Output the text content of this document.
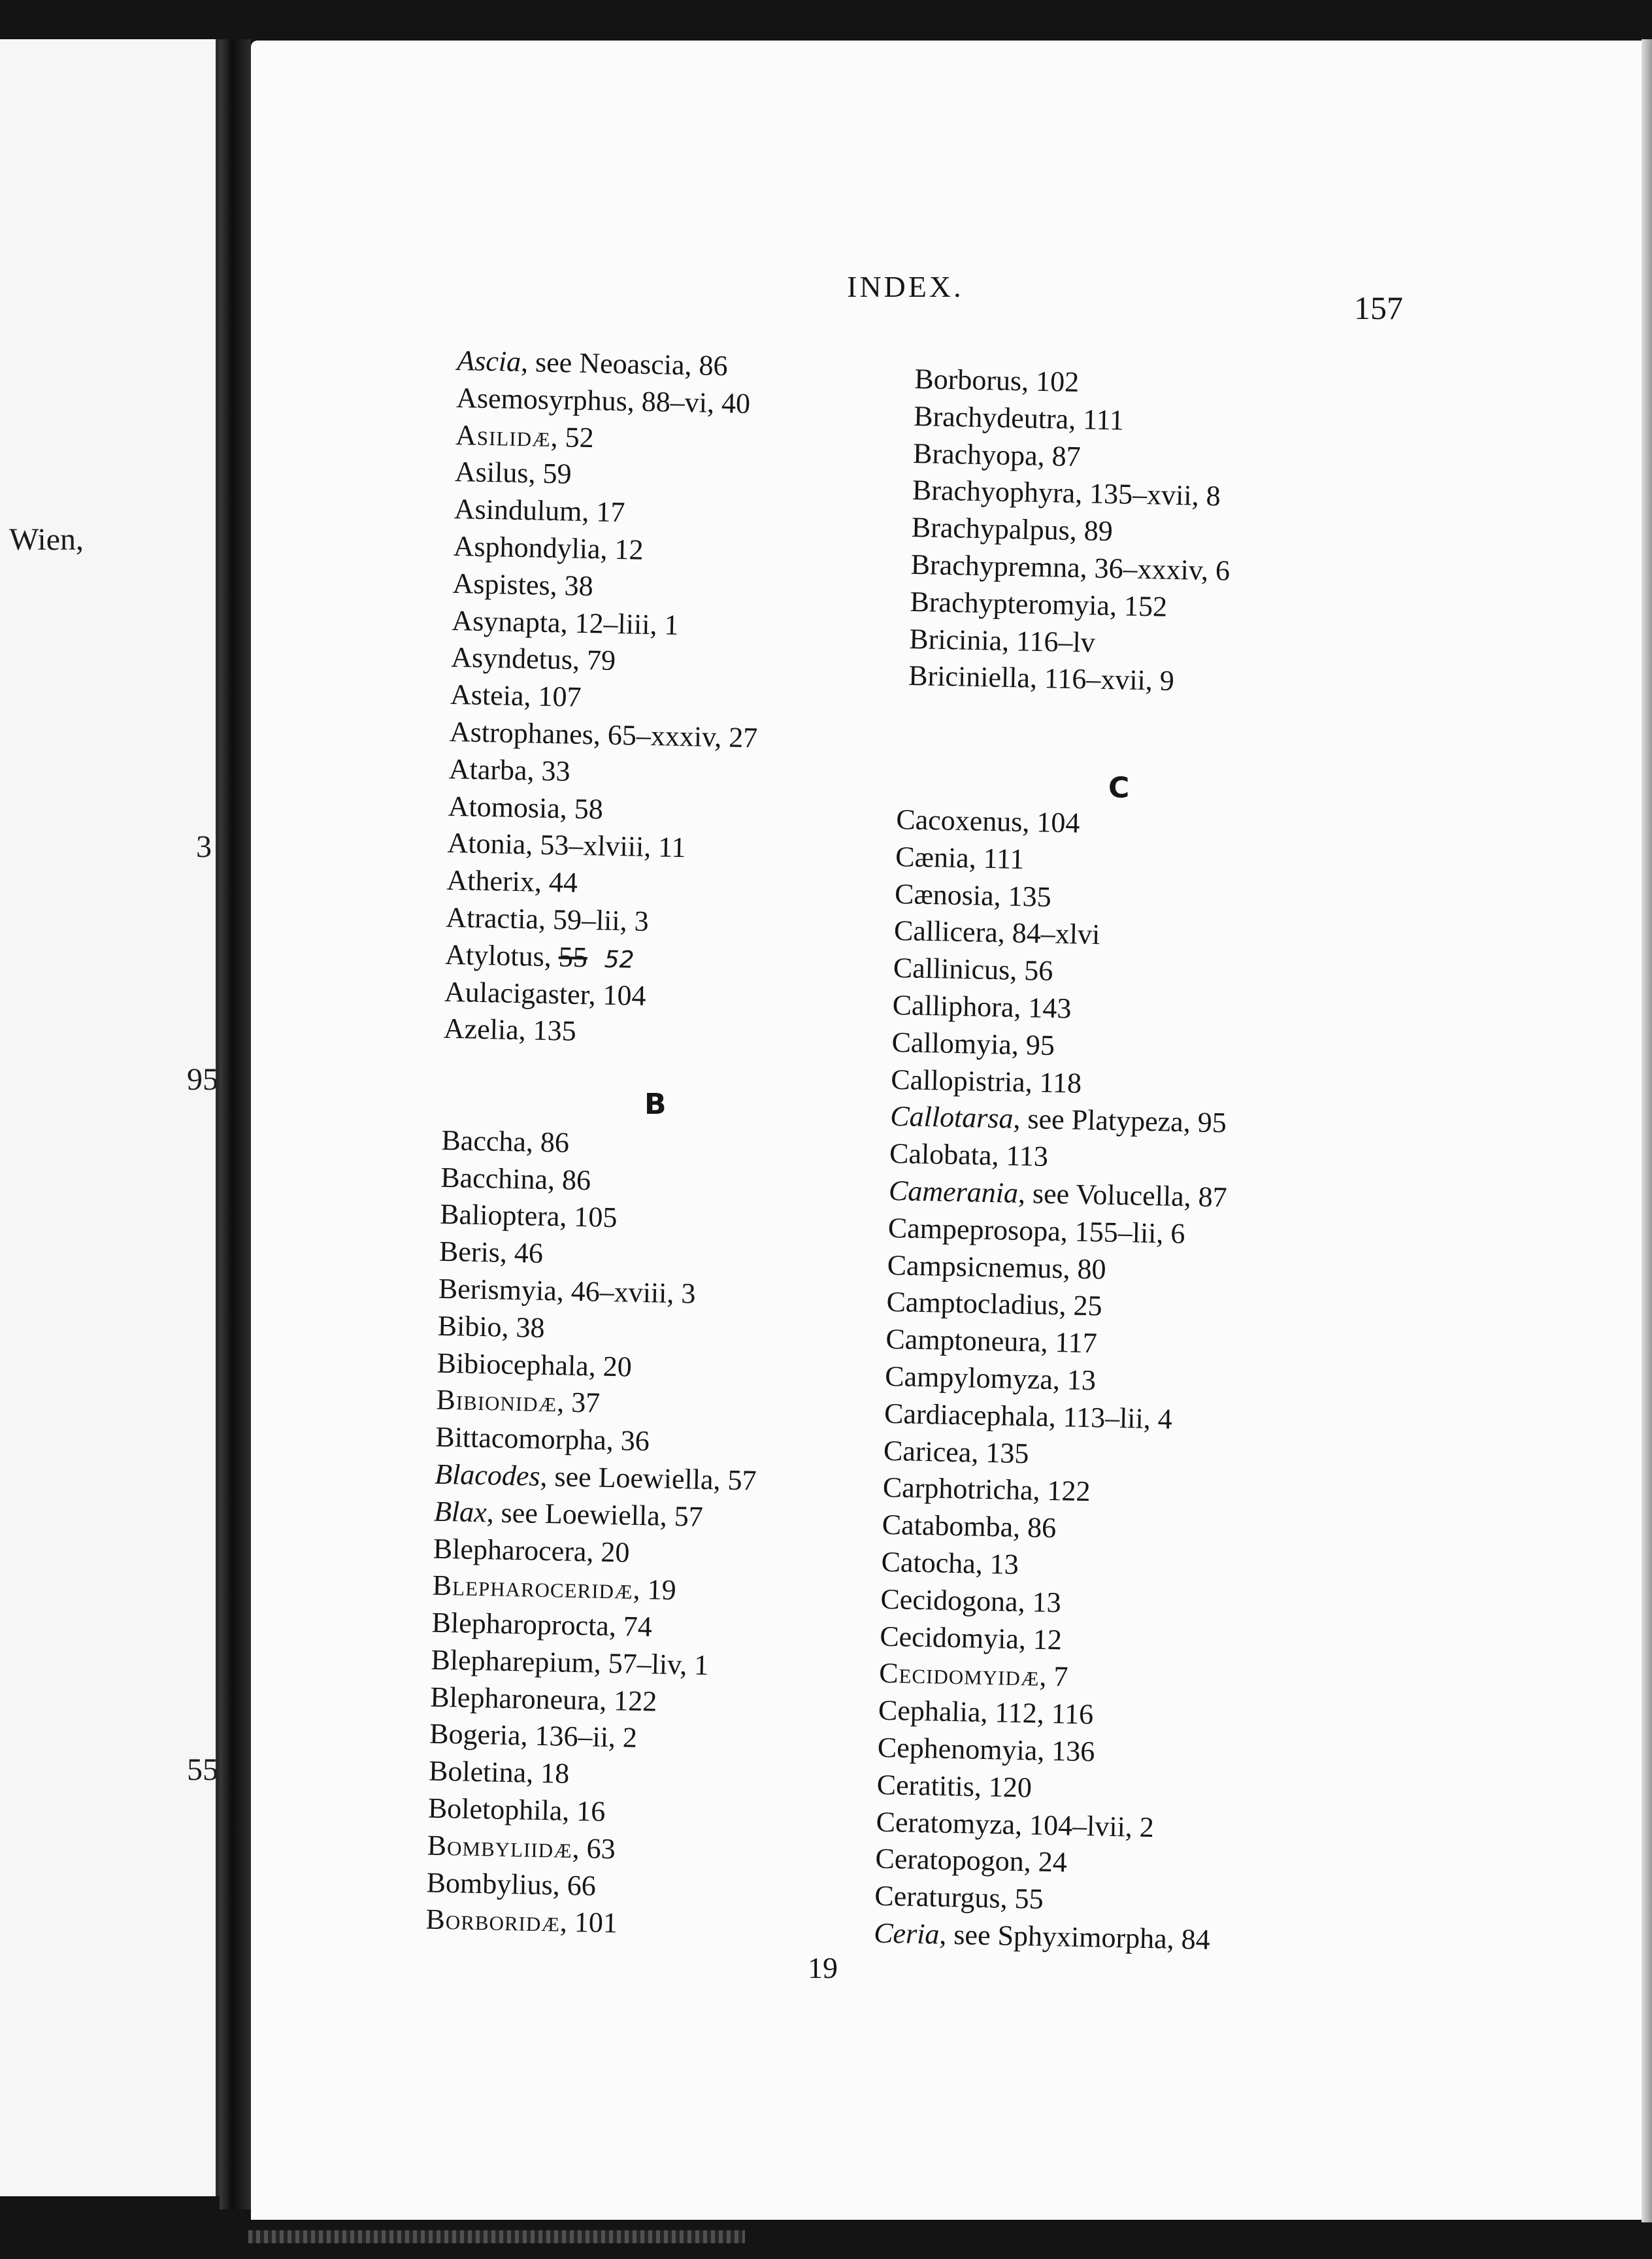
Wien,
3
95
55
INDEX.
157
Ascia, see Neoascia, 86
Asemosyrphus, 88–vi, 40
Asilidæ, 52
Asilus, 59
Asindulum, 17
Asphondylia, 12
Aspistes, 38
Asynapta, 12–liii, 1
Asyndetus, 79
Asteia, 107
Astrophanes, 65–xxxiv, 27
Atarba, 33
Atomosia, 58
Atonia, 53–xlviii, 11
Atherix, 44
Atractia, 59–lii, 3
Atylotus, 55 52
Aulacigaster, 104
Azelia, 135
Baccha, 86
Bacchina, 86
Balioptera, 105
Beris, 46
Berismyia, 46–xviii, 3
Bibio, 38
Bibiocephala, 20
Bibionidæ, 37
Bittacomorpha, 36
Blacodes, see Loewiella, 57
Blax, see Loewiella, 57
Blepharocera, 20
Blepharoceridæ, 19
Blepharoprocta, 74
Blepharepium, 57–liv, 1
Blepharoneura, 122
Bogeria, 136–ii, 2
Boletina, 18
Boletophila, 16
Bombyliidæ, 63
Bombylius, 66
Borboridæ, 101
B
Borborus, 102
Brachydeutra, 111
Brachyopa, 87
Brachyophyra, 135–xvii, 8
Brachypalpus, 89
Brachypremna, 36–xxxiv, 6
Brachypteromyia, 152
Bricinia, 116–lv
Briciniella, 116–xvii, 9
C
Cacoxenus, 104
Cænia, 111
Cænosia, 135
Callicera, 84–xlvi
Callinicus, 56
Calliphora, 143
Callomyia, 95
Callopistria, 118
Callotarsa, see Platypeza, 95
Calobata, 113
Camerania, see Volucella, 87
Campeprosopa, 155–lii, 6
Campsicnemus, 80
Camptocladius, 25
Camptoneura, 117
Campylomyza, 13
Cardiacephala, 113–lii, 4
Caricea, 135
Carphotricha, 122
Catabomba, 86
Catocha, 13
Cecidogona, 13
Cecidomyia, 12
Cecidomyidæ, 7
Cephalia, 112, 116
Cephenomyia, 136
Ceratitis, 120
Ceratomyza, 104–lvii, 2
Ceratopogon, 24
Ceraturgus, 55
Ceria, see Sphyximorpha, 84
19
